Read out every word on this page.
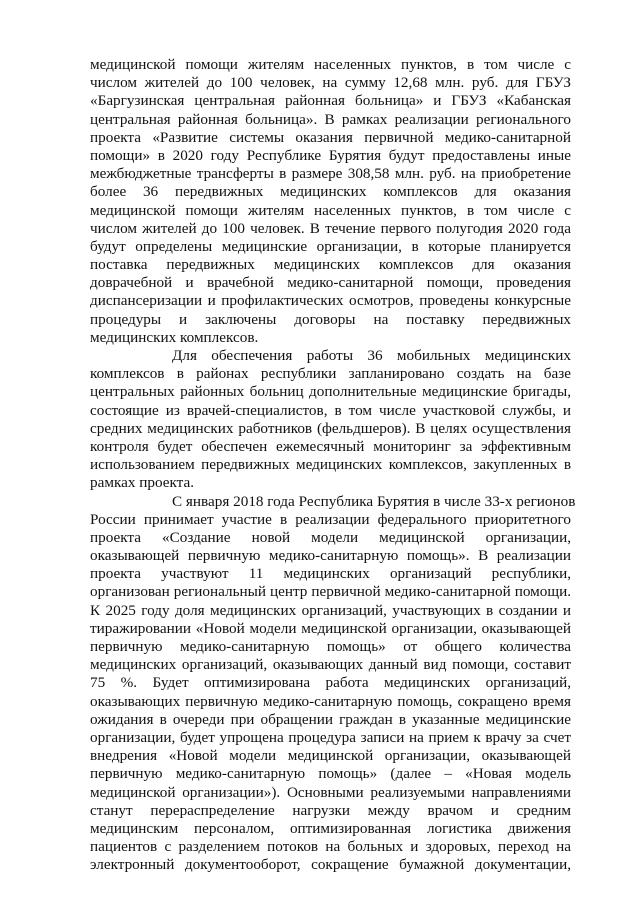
медицинской помощи жителям населенных пунктов, в том числе с
числом жителей до 100 человек, на сумму 12,68 млн. руб. для ГБУЗ
«Баргузинская центральная районная больница» и ГБУЗ «Кабанская
центральная районная больница». В рамках реализации регионального
проекта «Развитие системы оказания первичной медико-санитарной
помощи» в 2020 году Республике Бурятия будут предоставлены иные
межбюджетные трансферты в размере 308,58 млн. руб. на приобретение
более 36 передвижных медицинских комплексов для оказания
медицинской помощи жителям населенных пунктов, в том числе с
числом жителей до 100 человек. В течение первого полугодия 2020 года
будут определены медицинские организации, в которые планируется
поставка передвижных медицинских комплексов для оказания
доврачебной и врачебной медико-санитарной помощи, проведения
диспансеризации и профилактических осмотров, проведены конкурсные
процедуры и заключены договоры на поставку передвижных
медицинских комплексов.
Для обеспечения работы 36 мобильных медицинских
комплексов в районах республики запланировано создать на базе
центральных районных больниц дополнительные медицинские бригады,
состоящие из врачей-специалистов, в том числе участковой службы, и
средних медицинских работников (фельдшеров). В целях осуществления
контроля будет обеспечен ежемесячный мониторинг за эффективным
использованием передвижных медицинских комплексов, закупленных в
рамках проекта.
С января 2018 года Республика Бурятия в числе 33-х регионов
России принимает участие в реализации федерального приоритетного
проекта «Создание новой модели медицинской организации,
оказывающей первичную медико-санитарную помощь». В реализации
проекта участвуют 11 медицинских организаций республики,
организован региональный центр первичной медико-санитарной помощи.
К 2025 году доля медицинских организаций, участвующих в создании и
тиражировании «Новой модели медицинской организации, оказывающей
первичную медико-санитарную помощь» от общего количества
медицинских организаций, оказывающих данный вид помощи, составит
75 %. Будет оптимизирована работа медицинских организаций,
оказывающих первичную медико-санитарную помощь, сокращено время
ожидания в очереди при обращении граждан в указанные медицинские
организации, будет упрощена процедура записи на прием к врачу за счет
внедрения «Новой модели медицинской организации, оказывающей
первичную медико-санитарную помощь» (далее – «Новая модель
медицинской организации»). Основными реализуемыми направлениями
станут перераспределение нагрузки между врачом и средним
медицинским персоналом, оптимизированная логистика движения
пациентов с разделением потоков на больных и здоровых, переход на
электронный документооборот, сокращение бумажной документации,
